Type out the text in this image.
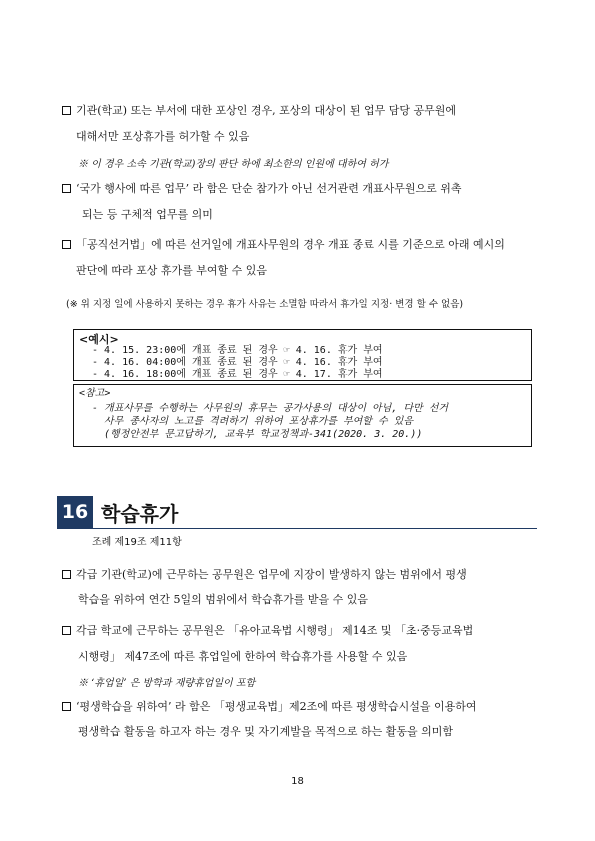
기관(학교) 또는 부서에 대한 포상인 경우, 포상의 대상이 된 업무 담당 공무원에
대해서만 포상휴가를 허가할 수 있음
※ 이 경우 소속 기관(학교)장의 판단 하에 최소한의 인원에 대하여 허가
‘국가 행사에 따른 업무’ 라 함은 단순 참가가 아닌 선거관련 개표사무원으로 위촉
되는 등 구체적 업무를 의미
「공직선거법」에 따른 선거일에 개표사무원의 경우 개표 종료 시를 기준으로 아래 예시의
판단에 따라 포상 휴가를 부여할 수 있음
(※ 위 지정 일에 사용하지 못하는 경우 휴가 사유는 소멸함 따라서 휴가일 지정· 변경 할 수 없음)
<예시>
- 4. 15. 23:00에 개표 종료 된 경우 ☞ 4. 16. 휴가 부여
- 4. 16. 04:00에 개표 종료 된 경우 ☞ 4. 16. 휴가 부여
- 4. 16. 18:00에 개표 종료 된 경우 ☞ 4. 17. 휴가 부여
<참고>
- 개표사무를 수행하는 사무원의 휴무는 공가사용의 대상이 아님, 다만 선거
사무 종사자의 노고를 격려하기 위하여 포상휴가를 부여할 수 있음
(행정안전부 문고답하기, 교육부 학교정책과-341(2020. 3. 20.))
16 학습휴가
조례 제19조 제11항
각급 기관(학교)에 근무하는 공무원은 업무에 지장이 발생하지 않는 범위에서 평생
학습을 위하여 연간 5일의 범위에서 학습휴가를 받을 수 있음
각급 학교에 근무하는 공무원은 「유아교육법 시행령」 제14조 및 「초·중등교육법
시행령」 제47조에 따른 휴업일에 한하여 학습휴가를 사용할 수 있음
※ ‘휴업일’ 은 방학과 재량휴업일이 포함
‘평생학습을 위하여’ 라 함은 「평생교육법」제2조에 따른 평생학습시설을 이용하여
평생학습 활동을 하고자 하는 경우 및 자기계발을 목적으로 하는 활동을 의미함
18
